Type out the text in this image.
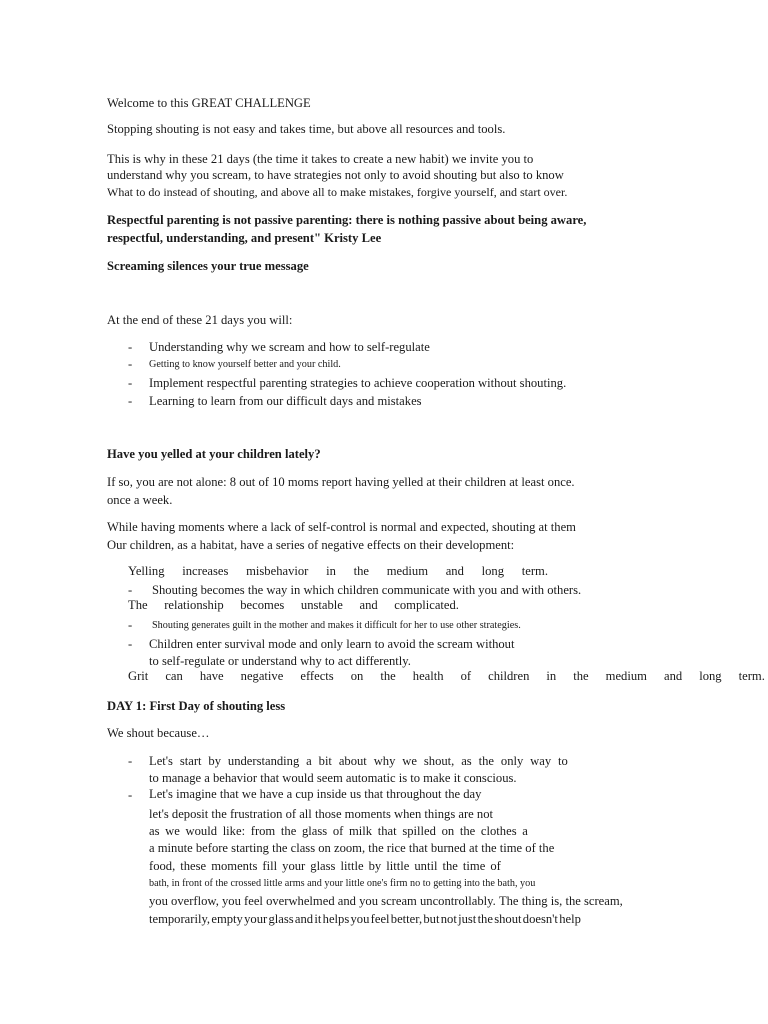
Welcome to this GREAT CHALLENGE
Stopping shouting is not easy and takes time, but above all resources and tools.
This is why in these 21 days (the time it takes to create a new habit) we invite you to
understand why you scream, to have strategies not only to avoid shouting but also to know
What to do instead of shouting, and above all to make mistakes, forgive yourself, and start over.
Respectful parenting is not passive parenting: there is nothing passive about being aware,
respectful, understanding, and present" Kristy Lee
Screaming silences your true message
At the end of these 21 days you will:
- Understanding why we scream and how to self-regulate
- Getting to know yourself better and your child.
- Implement respectful parenting strategies to achieve cooperation without shouting.
- Learning to learn from our difficult days and mistakes
Have you yelled at your children lately?
If so, you are not alone: 8 out of 10 moms report having yelled at their children at least once.
once a week.
While having moments where a lack of self-control is normal and expected, shouting at them
Our children, as a habitat, have a series of negative effects on their development:
Yelling increases misbehavior in the medium and long term.
- Shouting becomes the way in which children communicate with you and with others.
The relationship becomes unstable and complicated.
- Shouting generates guilt in the mother and makes it difficult for her to use other strategies.
- Children enter survival mode and only learn to avoid the scream without
to self-regulate or understand why to act differently.
Grit can have negative effects on the health of children in the medium and long term.
DAY 1: First Day of shouting less
We shout because…
- Let's start by understanding a bit about why we shout, as the only way to
to manage a behavior that would seem automatic is to make it conscious.
- Let's imagine that we have a cup inside us that throughout the day
let's deposit the frustration of all those moments when things are not
as we would like: from the glass of milk that spilled on the clothes a
a minute before starting the class on zoom, the rice that burned at the time of the
food, these moments fill your glass little by little until the time of
bath, in front of the crossed little arms and your little one's firm no to getting into the bath, you
you overflow, you feel overwhelmed and you scream uncontrollably. The thing is, the scream,
temporarily, empty your glass and it helps you feel better, but not just the shout doesn't help
